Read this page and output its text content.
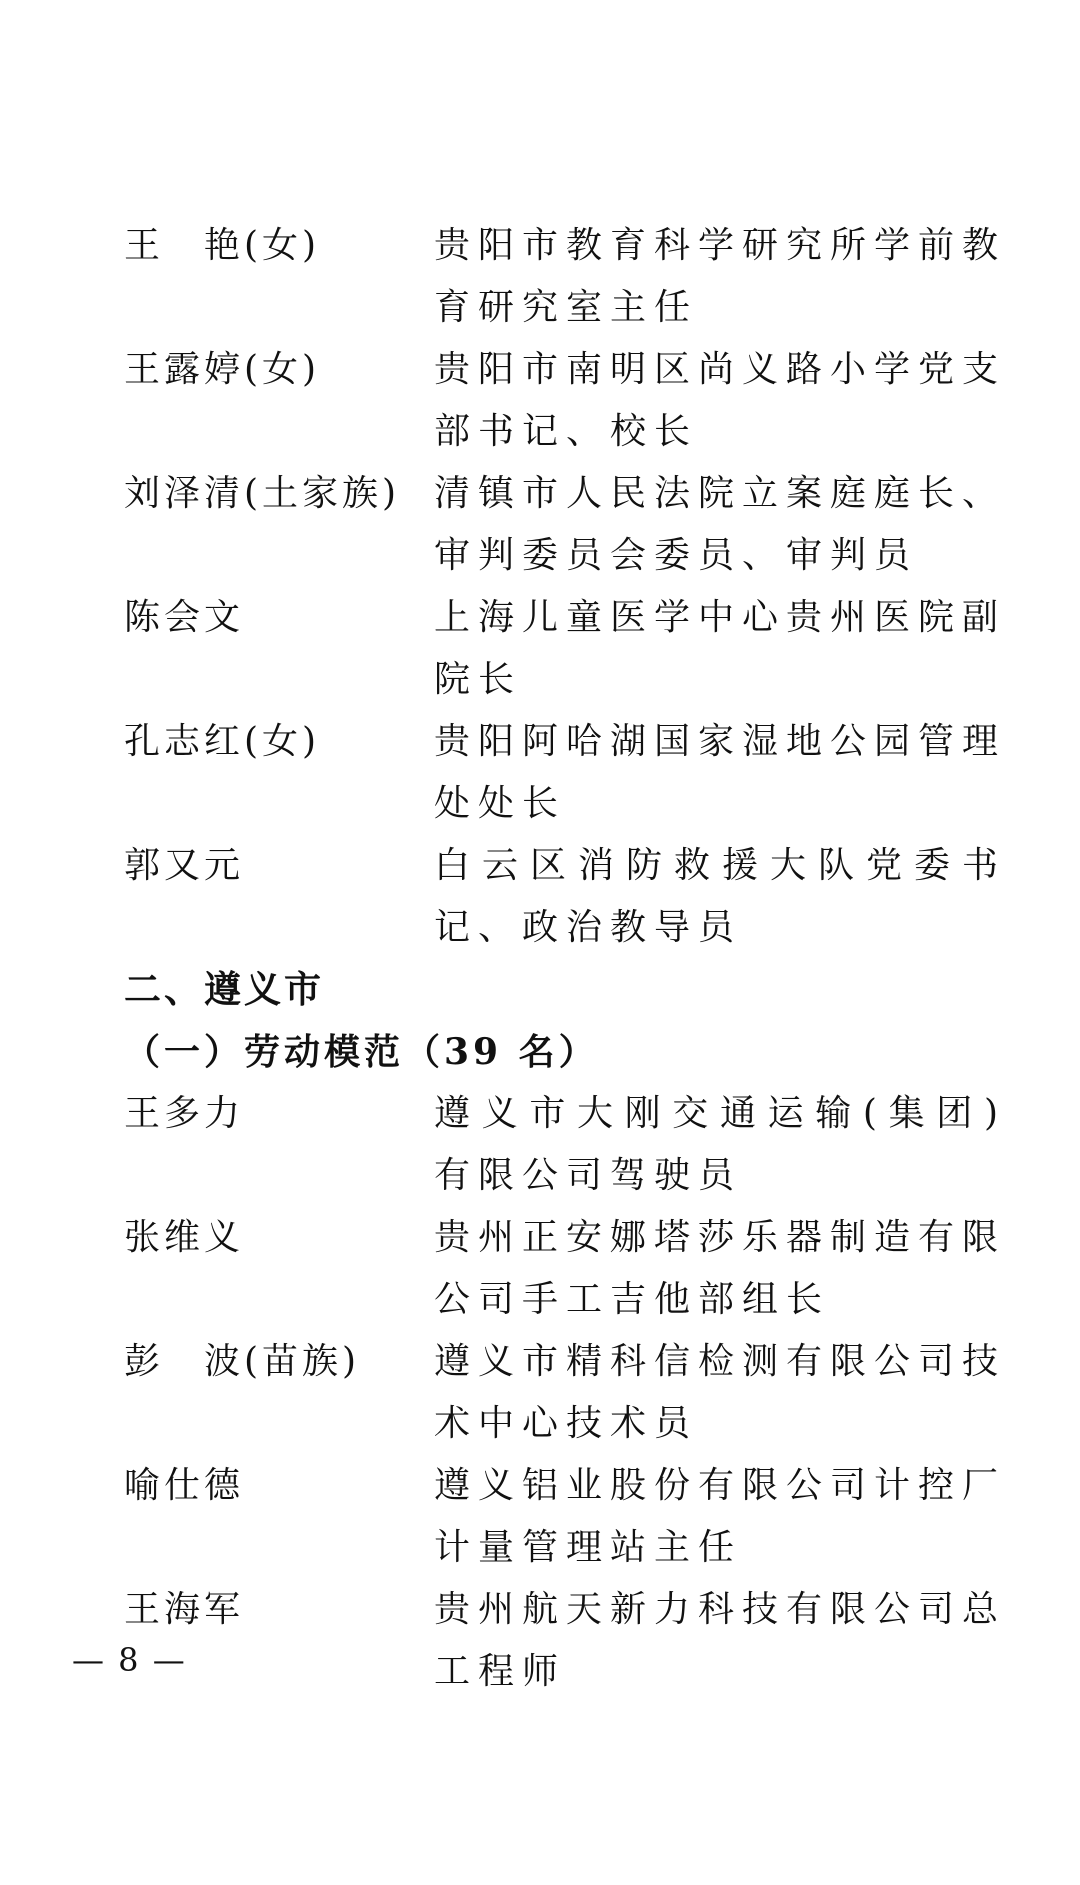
王　艳(女)	贵阳市教育科学研究所学前教育研究室主任
王露婷(女)	贵阳市南明区尚义路小学党支部书记、校长
刘泽清(土家族) 清镇市人民法院立案庭庭长、审判委员会委员、审判员
陈会文	上海儿童医学中心贵州医院副院长
孔志红(女)	贵阳阿哈湖国家湿地公园管理处处长
郭又元	白云区消防救援大队党委书记、政治教导员
二、遵义市
（一）劳动模范（39 名）
王多力	遵义市大刚交通运输(集团)有限公司驾驶员
张维义	贵州正安娜塔莎乐器制造有限公司手工吉他部组长
彭　波(苗族)	遵义市精科信检测有限公司技术中心技术员
喻仕德	遵义铝业股份有限公司计控厂计量管理站主任
王海军	贵州航天新力科技有限公司总工程师
— 8 —
